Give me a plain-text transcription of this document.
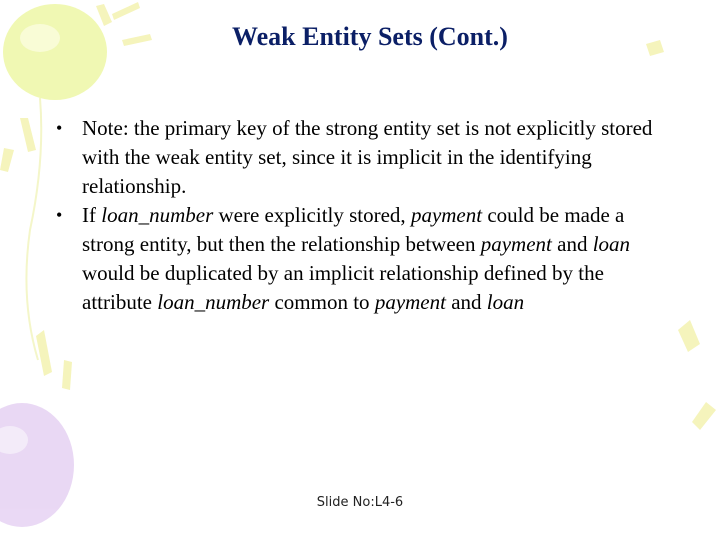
Weak Entity Sets (Cont.)

• Note: the primary key of the strong entity set is not explicitly stored with the weak entity set, since it is implicit in the identifying relationship.

• If loan_number were explicitly stored, payment could be made a strong entity, but then the relationship between payment and loan would be duplicated by an implicit relationship defined by the attribute loan_number common to payment and loan

Slide No:L4-6
